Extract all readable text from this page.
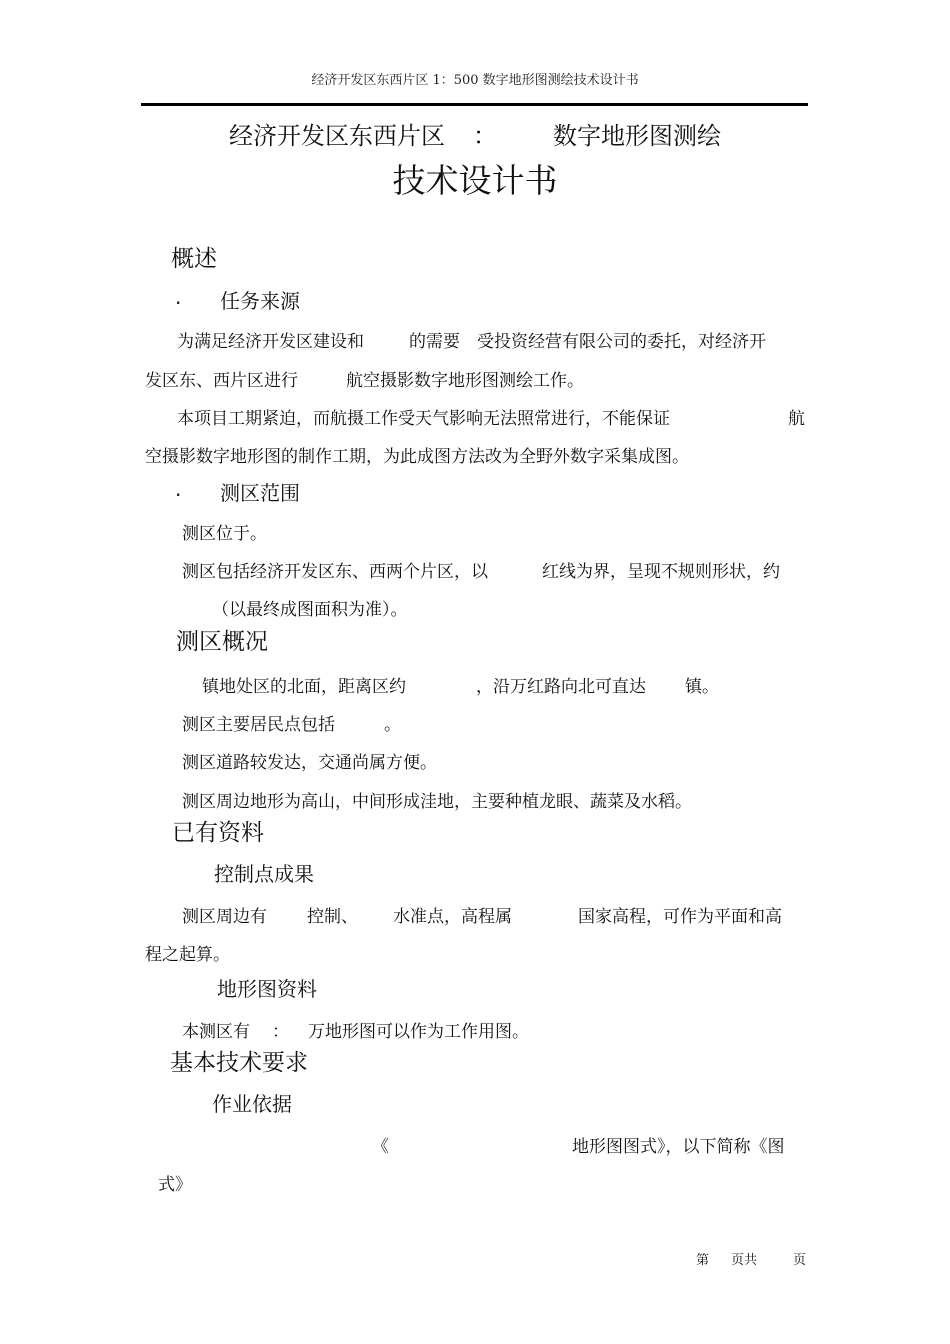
经济开发区东西片区 1：500 数字地形图测绘技术设计书
经济开发区东西片区 ： 数字地形图测绘
技术设计书
概述
. 任务来源
为满足经济开发区建设和	的需要 受投资经营有限公司的委托，对经济开
发区东、西片区进行	航空摄影数字地形图测绘工作。
本项目工期紧迫，而航摄工作受天气影响无法照常进行，不能保证	航
空摄影数字地形图的制作工期，为此成图方法改为全野外数字采集成图。
. 测区范围
测区位于。
测区包括经济开发区东、西两个片区，以	红线为界，呈现不规则形状，约
（以最终成图面积为准）。
测区概况
镇地处区的北面，距离区约	，沿万红路向北可直达 镇。
测区主要居民点包括	。
测区道路较发达，交通尚属方便。
测区周边地形为高山，中间形成洼地，主要种植龙眼、蔬菜及水稻。
已有资料
控制点成果
测区周边有 控制、 水准点，高程属	国家高程，可作为平面和高
程之起算。
地形图资料
本测区有 ： 万地形图可以作为工作用图。
基本技术要求
作业依据
《	地形图图式》，以下简称《图
式》
第 页共	页
